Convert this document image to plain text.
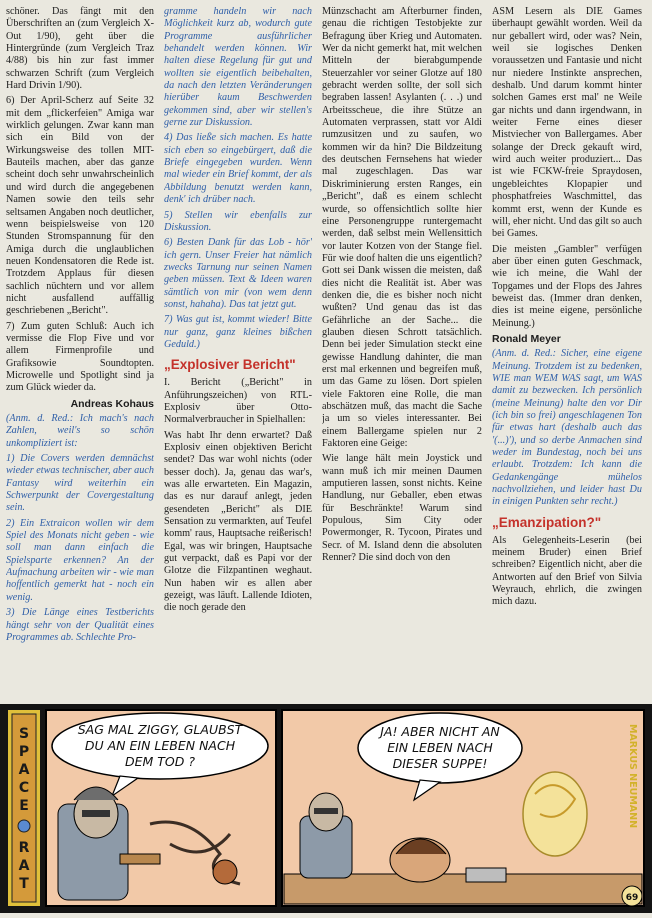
schöner. Das fängt mit den Überschriften an (zum Vergleich X-Out 1/90), geht über die Hintergründe (zum Vergleich Traz 4/88) bis hin zur fast immer schwarzen Schrift (zum Vergleich Hard Drivin 1/90).

6) Der April-Scherz auf Seite 32 mit dem „flickerfeien" Amiga war wirklich gelungen. Zwar kann man sich ein Bild von der Wirkungsweise des tollen MIT-Bauteils machen, aber das ganze scheint doch sehr unwahrscheinlich und wird durch die angegebenen Namen sowie den teils sehr seltsamen Angaben noch deutlicher, wenn beispielsweise von 120 Stunden Stromspannung für den Amiga durch die unglaublichen neuen Kondensatoren die Rede ist. Trotzdem Applaus für diesen sachlich nüchtern und vor allem nicht ausfallend auffällig geschriebenen „Bericht".

7) Zum guten Schluß: Auch ich vermisse die Flop Five und vor allem Firmenprofile und Grafiksowie Soundtopten. Microwelle und Spotlight sind ja zum Glück wieder da.

Andreas Kohaus

(Anm. d. Red.: Ich mach's nach Zahlen, weil's so schön unkompliziert ist:

1) Die Covers werden demnächst wieder etwas technischer, aber auch Fantasy wird weiterhin ein Schwerpunkt der Covergestaltung sein.

2) Ein Extraicon wollen wir dem Spiel des Monats nicht geben - wie soll man dann einfach die Spielsparte erkennen? An der Aufmachung arbeiten wir - wie man hoffentlich gemerkt hat - noch ein wenig.

3) Die Länge eines Testberichts hängt sehr von der Qualität eines Programmes ab. Schlechte Pro-

gramme handeln wir nach Möglichkeit kurz ab, wodurch gute Programme ausführlicher behandelt werden können. Wir halten diese Regelung für gut und wollten sie eigentlich beibehalten, da nach den letzten Veränderungen hierüber kaum Beschwerden gekommen sind, aber wir stellen's gerne zur Diskussion.

4) Das ließe sich machen. Es hatte sich eben so eingebürgert, daß die Briefe eingegeben wurden. Wenn mal wieder ein Brief kommt, der als Abbildung benutzt werden kann, denk' ich drüber nach.

5) Stellen wir ebenfalls zur Diskussion.

6) Besten Dank für das Lob - hör' ich gern. Unser Freier hat nämlich zwecks Tarnung nur seinen Namen geben müssen. Text & Ideen waren sämtlich von mir (von wem denn sonst, hahaha). Das tat jetzt gut.

7) Was gut ist, kommt wieder! Bitte nur ganz, ganz kleines bißchen Geduld.)

„Explosiver Bericht"

I. Bericht („Bericht" in Anführungszeichen) von RTL-Explosiv über Otto-Normalverbraucher in Spielhallen:

Was habt Ihr denn erwartet? Daß Explosiv einen objektiven Bericht sendet? Das war wohl nichts (oder besser doch). Ja, genau das war's, was alle erwarteten. Ein Magazin, das es nur darauf anlegt, jeden gesendeten „Bericht" als DIE Sensation zu vermarkten, auf Teufel komm' raus, Hauptsache reißerisch! Egal, was wir bringen, Hauptsache gut verpackt, daß es Papi vor der Glotze die Filzpantinen weghaut. Nun haben wir es allen aber gezeigt, was läuft. Lallende Idioten, die noch gerade den

Münzschacht am Afterburner finden, genau die richtigen Testobjekte zur Befragung über Krieg und Automaten. Wer da nicht gemerkt hat, mit welchen Mitteln der bierabgumpende Steuerzahler vor seiner Glotze auf 180 gebracht werden sollte, der soll sich begraben lassen! Asylanten (. . .) und Arbeitsscheue, die ihre Stütze an Automaten verprassen, statt vor Aldi rumzusitzen und zu saufen, wo kommen wir da hin? Die Bildzeitung des deutschen Fernsehens hat wieder mal zugeschlagen. Das war Diskriminierung ersten Ranges, ein „Bericht", daß es einem schlecht wurde, so offensichtlich sollte hier eine Personengruppe runtergemacht werden, daß selbst mein Wellensittich vor lauter Kotzen von der Stange fiel. Für wie doof halten die uns eigentlich? Gott sei Dank wissen die meisten, daß dies nicht die Realität ist. Aber was denken die, die es bisher noch nicht wußten? Und genau das ist das Gefährliche an der Sache... die glauben diesen Schrott tatsächlich. Denn bei jeder Simulation steckt eine gewisse Handlung dahinter, die man erst mal erkennen und begreifen muß, um das Game zu lösen. Dort spielen viele Faktoren eine Rolle, die man abschätzen muß, das macht die Sache ja um so vieles interessanter. Bei einem Ballergame spielen nur 2 Faktoren eine Geige:

Wie lange hält mein Joystick und wann muß ich mir meinen Daumen amputieren lassen, sonst nichts. Keine Handlung, nur Geballer, eben etwas für Beschränkte! Warum sind Populous, Sim City oder Powermonger, R. Tycoon, Pirates und Secr. of M. Island denn die absoluten Renner? Die sind doch von den

ASM Lesern als DIE Games überhaupt gewählt worden. Weil da nur geballert wird, oder was? Nein, weil sie logisches Denken voraussetzen und Fantasie und nicht nur niedere Instinkte ansprechen, deshalb. Und darum kommt hinter solchen Games erst mal' ne Weile gar nichts und dann irgendwann, in weiter Ferne eines dieser Mistviecher von Ballergames. Aber solange der Dreck gekauft wird, wird auch weiter produziert... Das ist wie FCKW-freie Spraydosen, ungebleichtes Klopapier und phosphatfreies Waschmittel, das kommt erst, wenn der Kunde es will, eher nicht. Und das gilt so auch bei Games.

Die meisten „Gambler" verfügen aber über einen guten Geschmack, wie ich meine, die Wahl der Topgames und der Flops des Jahres beweist das. (Immer dran denken, dies ist meine eigene, persönliche Meinung.)

Ronald Meyer

(Anm. d. Red.: Sicher, eine eigene Meinung. Trotzdem ist zu bedenken, WIE man WEM WAS sagt, um WAS damit zu bezwecken. Ich persönlich (meine Meinung) halte den vor Dir (ich bin so frei) angeschlagenen Ton für etwas hart (deshalb auch das '(...)'), und so derbe Anmachen sind weder im Bundestag, noch bei uns erlaubt. Trotzdem: Ich kann die Gedankengänge mühelos nachvollziehen, und leider hast Du in einigen Punkten sehr recht.)

„Emanzipation?"

Als Gelegenheits-Leserin (bei meinem Bruder) einen Brief schreiben? Eigentlich nicht, aber die Antworten auf den Brief von Silvia Weyrauch, ehrlich, die zwingen mich dazu.

S
P
A
C
E
R
A
T
SAG MAL ZIGGY, GLAUBST
DU AN EIN LEBEN NACH
DEM TOD ?
JA! ABER NICHT AN
EIN LEBEN NACH
DIESER SUPPE!	MARKUS NEUMANN
69
